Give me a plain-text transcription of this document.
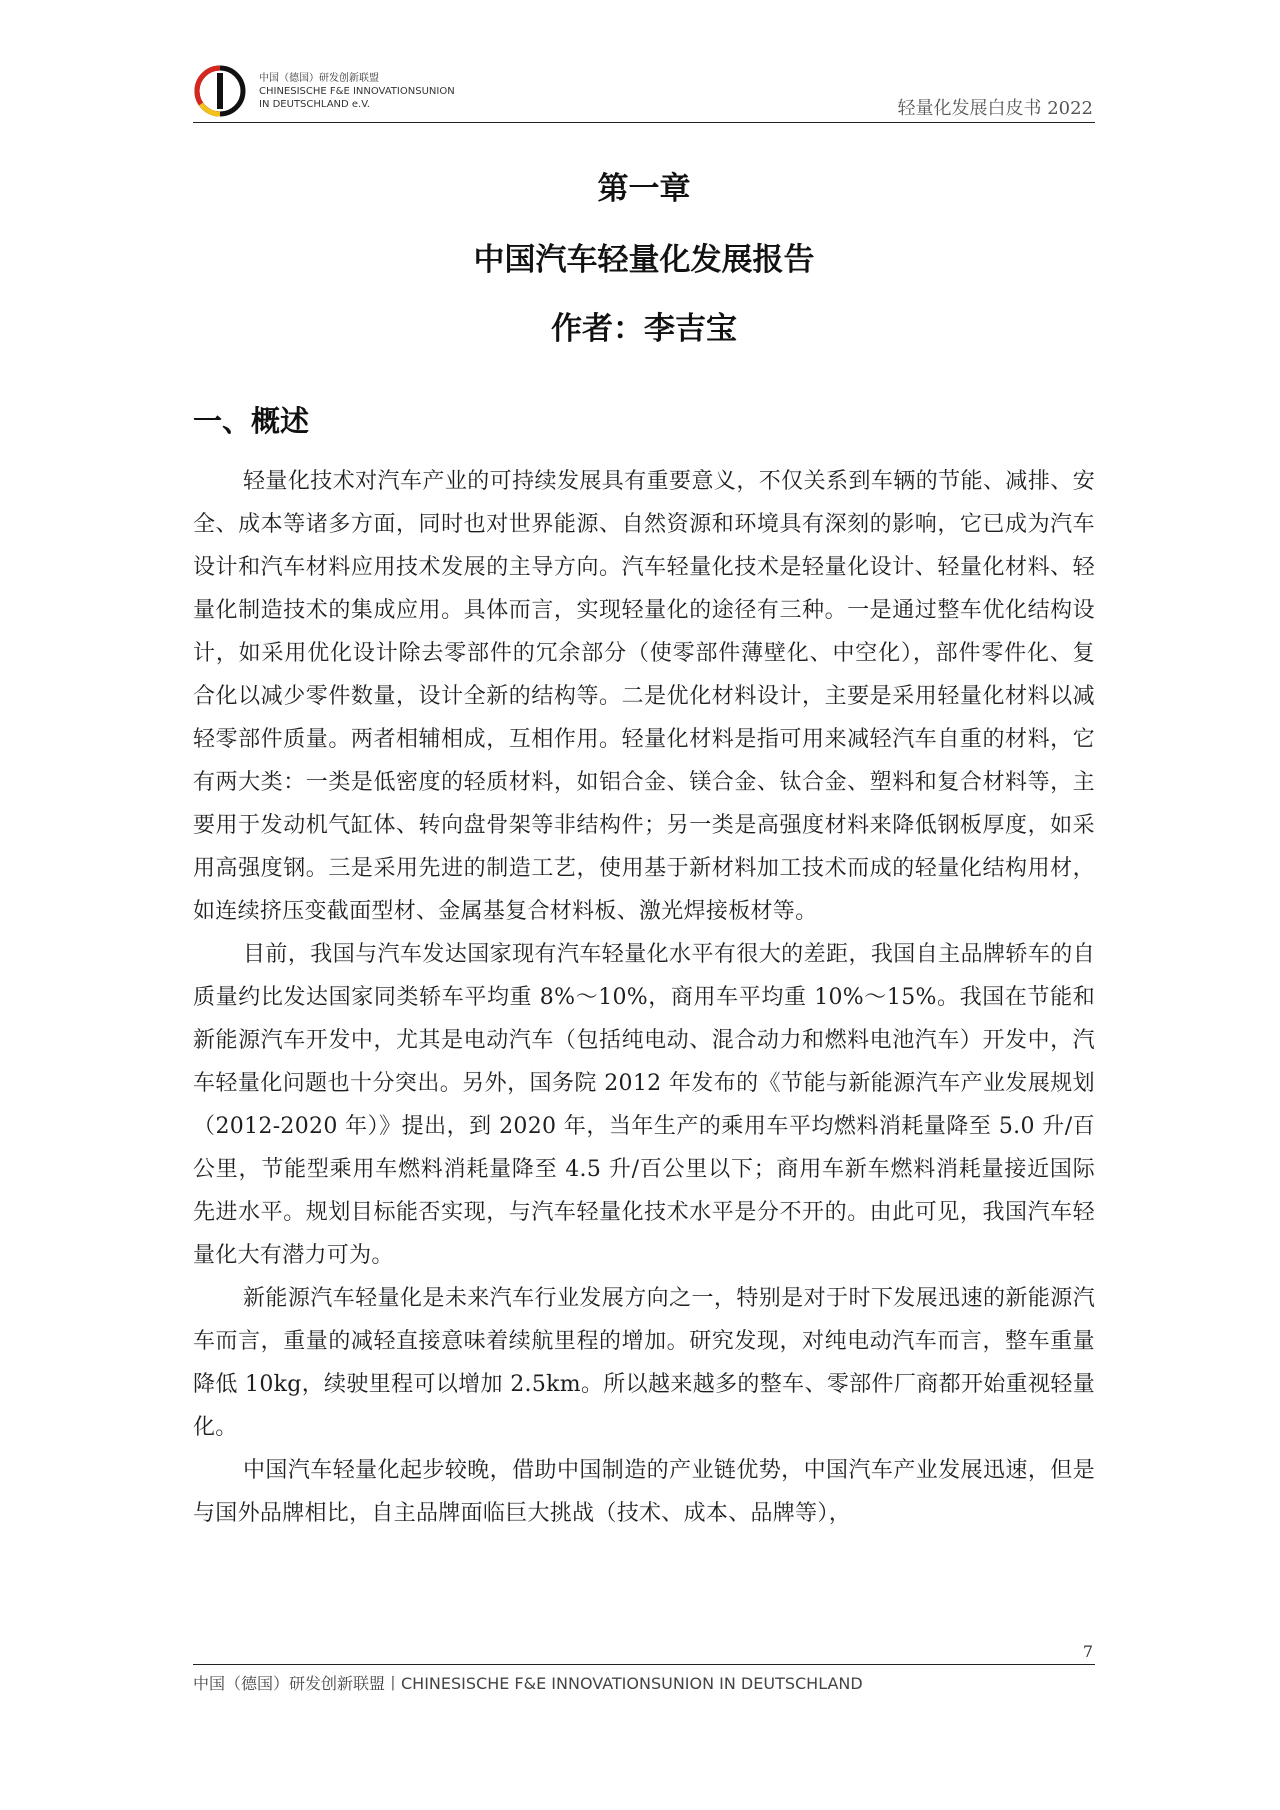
中国（德国）研发创新联盟
CHINESISCHE F&E INNOVATIONSUNION
IN DEUTSCHLAND e.V.	轻量化发展白皮书 2022
第一章
中国汽车轻量化发展报告
作者：李吉宝
一、概述

轻量化技术对汽车产业的可持续发展具有重要意义，不仅关系到车辆的节能、减排、安全、成本等诸多方面，同时也对世界能源、自然资源和环境具有深刻的影响，它已成为汽车设计和汽车材料应用技术发展的主导方向。汽车轻量化技术是轻量化设计、轻量化材料、轻量化制造技术的集成应用。具体而言，实现轻量化的途径有三种。一是通过整车优化结构设计，如采用优化设计除去零部件的冗余部分（使零部件薄壁化、中空化），部件零件化、复合化以减少零件数量，设计全新的结构等。二是优化材料设计，主要是采用轻量化材料以减轻零部件质量。两者相辅相成，互相作用。轻量化材料是指可用来减轻汽车自重的材料，它有两大类：一类是低密度的轻质材料，如铝合金、镁合金、钛合金、塑料和复合材料等，主要用于发动机气缸体、转向盘骨架等非结构件；另一类是高强度材料来降低钢板厚度，如采用高强度钢。三是采用先进的制造工艺，使用基于新材料加工技术而成的轻量化结构用材，如连续挤压变截面型材、金属基复合材料板、激光焊接板材等。

目前，我国与汽车发达国家现有汽车轻量化水平有很大的差距，我国自主品牌轿车的自质量约比发达国家同类轿车平均重 8%～10%，商用车平均重 10%～15%。我国在节能和新能源汽车开发中，尤其是电动汽车（包括纯电动、混合动力和燃料电池汽车）开发中，汽车轻量化问题也十分突出。另外，国务院 2012 年发布的《节能与新能源汽车产业发展规划（2012-2020 年）》提出，到 2020 年，当年生产的乘用车平均燃料消耗量降至 5.0 升/百公里，节能型乘用车燃料消耗量降至 4.5 升/百公里以下；商用车新车燃料消耗量接近国际先进水平。规划目标能否实现，与汽车轻量化技术水平是分不开的。由此可见，我国汽车轻量化大有潜力可为。

新能源汽车轻量化是未来汽车行业发展方向之一，特别是对于时下发展迅速的新能源汽车而言，重量的减轻直接意味着续航里程的增加。研究发现，对纯电动汽车而言，整车重量降低 10kg，续驶里程可以增加 2.5km。所以越来越多的整车、零部件厂商都开始重视轻量化。

中国汽车轻量化起步较晚，借助中国制造的产业链优势，中国汽车产业发展迅速，但是与国外品牌相比，自主品牌面临巨大挑战（技术、成本、品牌等），

7
中国（德国）研发创新联盟丨CHINESISCHE F&E INNOVATIONSUNION IN DEUTSCHLAND
